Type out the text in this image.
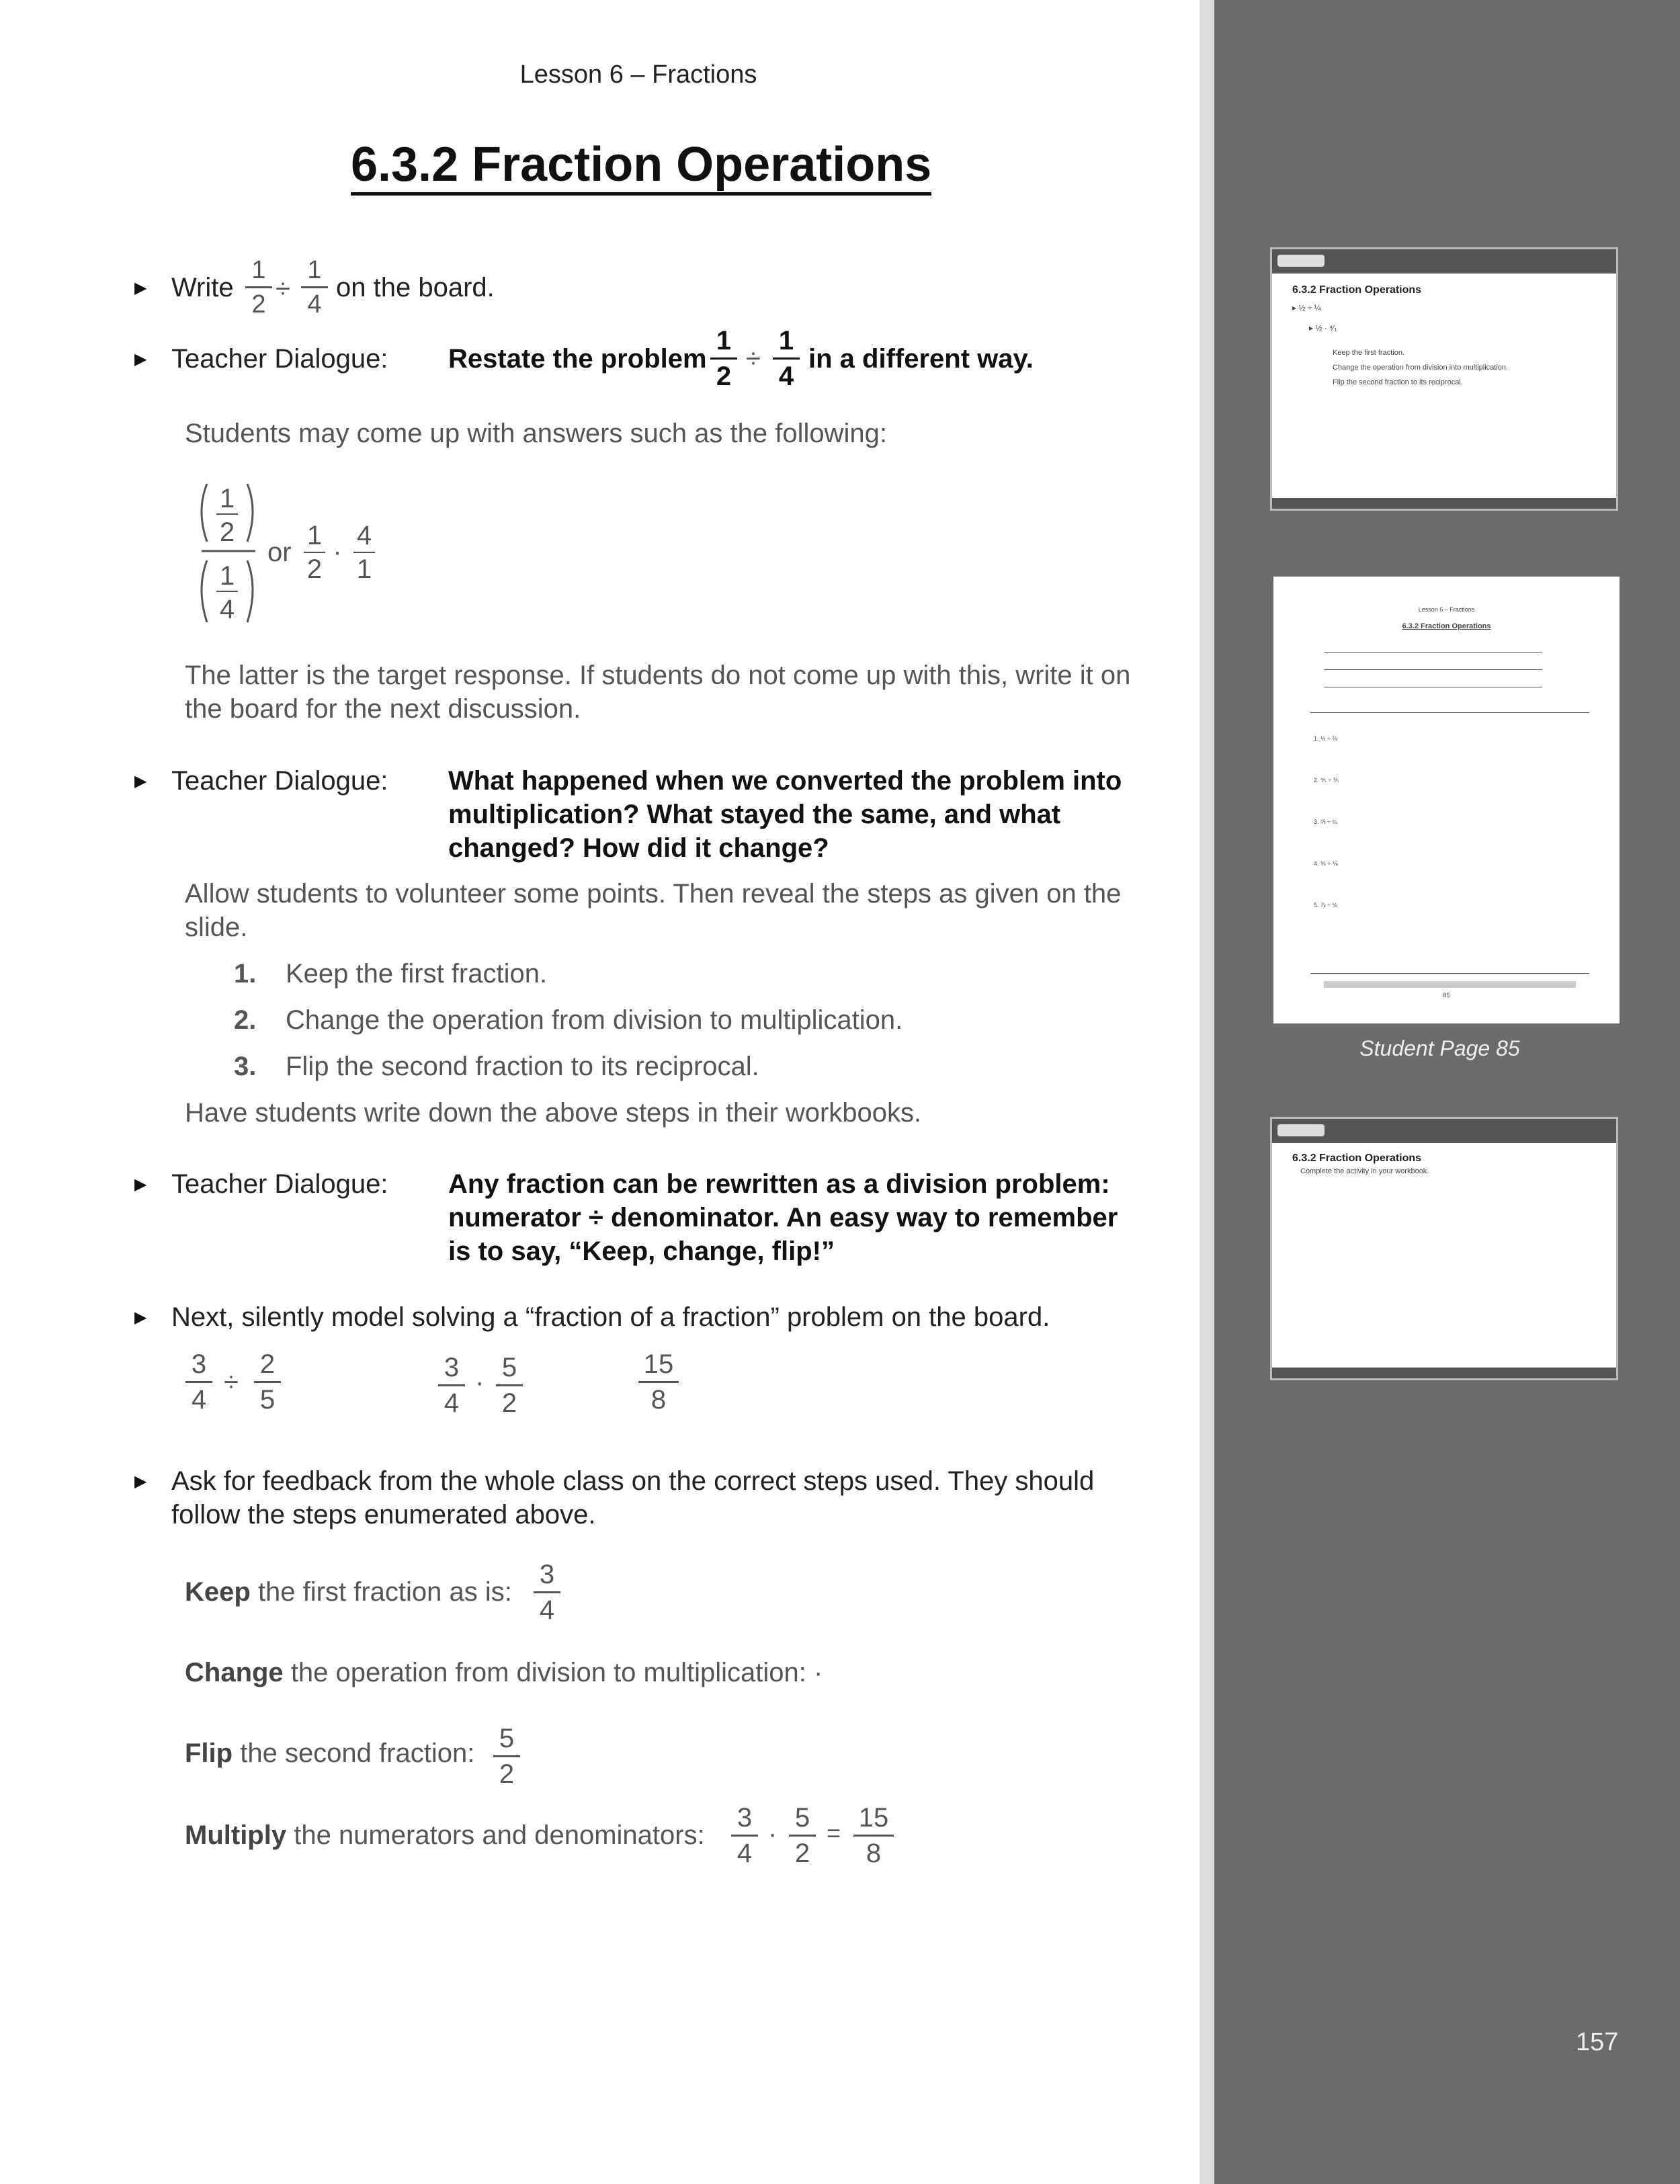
Lesson 6 – Fractions
6.3.2 Fraction Operations
▶ Write
1
2
÷
1
4
on the board.
▶ Teacher Dialogue: Restate the problem
1
2
÷
1
4
in a different way.
Students may come up with answers such as the following:
1
2
1
4
or
1
2
·
4
1
The latter is the target response. If students do not come up with this, write it on the board for the next discussion.
▶ Teacher Dialogue: What happened when we converted the problem into multiplication? What stayed the same, and what changed? How did it change?
Allow students to volunteer some points. Then reveal the steps as given on the slide.
1. Keep the first fraction.
2. Change the operation from division to multiplication.
3. Flip the second fraction to its reciprocal.
Have students write down the above steps in their workbooks.
▶ Teacher Dialogue: Any fraction can be rewritten as a division problem: numerator ÷ denominator. An easy way to remember is to say, “Keep, change, flip!”
▶ Next, silently model solving a “fraction of a fraction” problem on the board.
3
4
÷
2
5
3
4
· 5
2
15
8
▶ Ask for feedback from the whole class on the correct steps used. They should follow the steps enumerated above.
Keep the first fraction as is:
3
4
Change the operation from division to multiplication: ·
Flip the second fraction: 5
2
Multiply the numerators and denominators:
3
4
·
5
2
=
15
8
6.3.2 Fraction Operations
▸ ½ ÷ ¼
▸ ½ · ⁴⁄₁
Keep the first fraction.
Change the operation from division into multiplication.
Flip the second fraction to its reciprocal.
Lesson 6 – Fractions
6.3.2 Fraction Operations
1. ⅓ ÷ ⅔
2. ⅘ ÷ ⅗
3. ⅔ ÷ ¼
4. ⅝ ÷ ⅙
5. ⅞ ÷ ⅛
85
Student Page 85
6.3.2 Fraction Operations
Complete the activity in your workbook.
157
